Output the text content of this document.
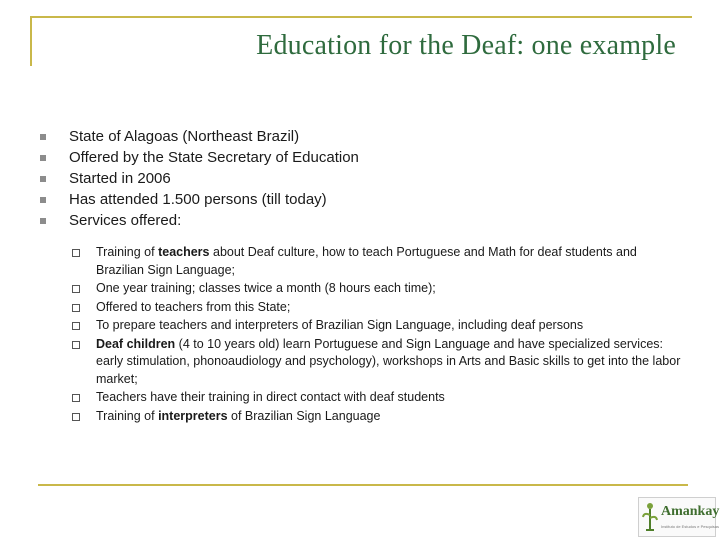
Education for the Deaf: one example
State of Alagoas (Northeast Brazil)
Offered by the State Secretary of Education
Started in 2006
Has attended 1.500 persons (till today)
Services offered:
Training of teachers about Deaf culture, how to teach Portuguese and Math for deaf students and Brazilian Sign Language;
One year training; classes twice a month (8 hours each time);
Offered to teachers from this State;
To prepare teachers and interpreters of Brazilian Sign Language, including deaf persons
Deaf children (4 to 10 years old) learn Portuguese and Sign Language and have specialized services: early stimulation, phonoaudiology and psychology), workshops in Arts and Basic skills to get into the labor market;
Teachers have their training in direct contact with deaf students
Training of interpreters of Brazilian Sign Language
Amankay
Instituto de Estudos e Pesquisas
